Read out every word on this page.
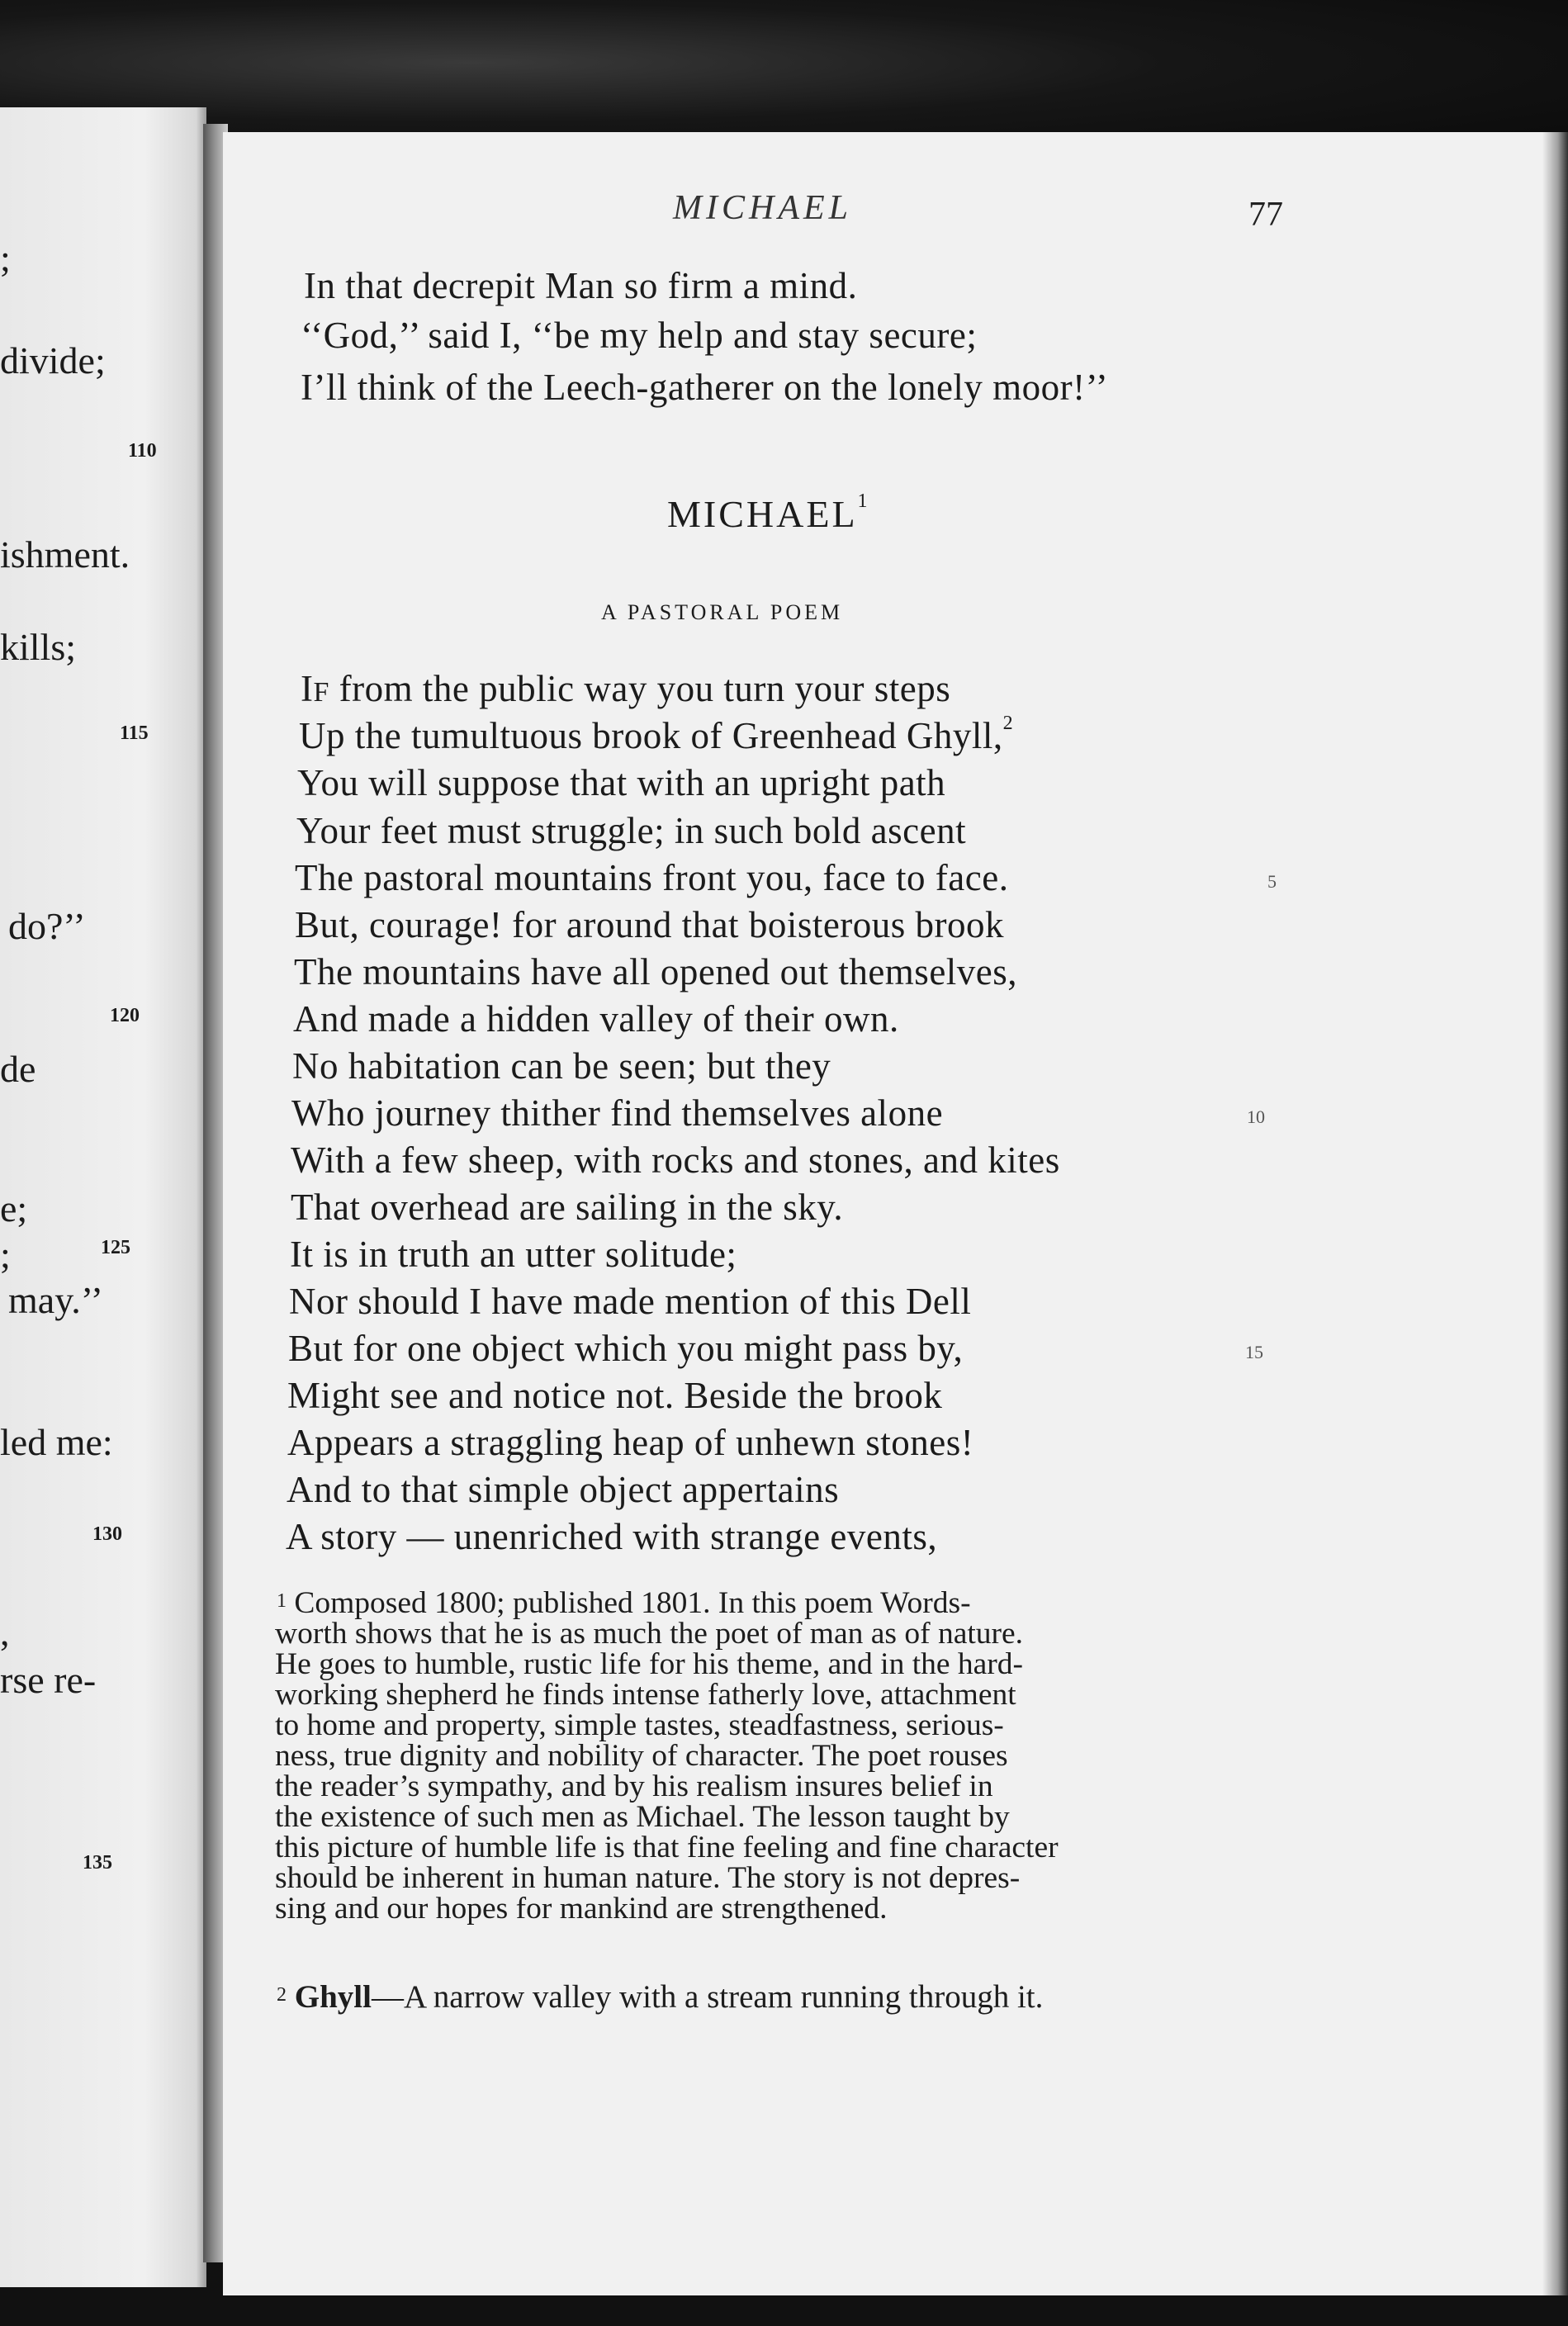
;
divide;
ishment.
kills;
do?’’
de
e;
;
may.’’
led me:
,
rse re-
110
115
120
125
130
135
MICHAEL	77
In that decrepit Man so firm a mind.
‘‘God,’’ said I, ‘‘be my help and stay secure;
I’ll think of the Leech-gatherer on the lonely moor!’’
MICHAEL$^1$
A PASTORAL POEM
IF from the public way you turn your steps
Up the tumultuous brook of Greenhead Ghyll,$^2$
You will suppose that with an upright path
Your feet must struggle; in such bold ascent
The pastoral mountains front you, face to face.
But, courage! for around that boisterous brook
The mountains have all opened out themselves,
And made a hidden valley of their own.
No habitation can be seen; but they
Who journey thither find themselves alone
With a few sheep, with rocks and stones, and kites
That overhead are sailing in the sky.
It is in truth an utter solitude;
Nor should I have made mention of this Dell
But for one object which you might pass by,
Might see and notice not. Beside the brook
Appears a straggling heap of unhewn stones!
And to that simple object appertains
A story — unenriched with strange events,
5
10
15
$^1$ Composed 1800; published 1801. In this poem Words-
worth shows that he is as much the poet of man as of nature.
He goes to humble, rustic life for his theme, and in the hard-
working shepherd he finds intense fatherly love, attachment
to home and property, simple tastes, steadfastness, serious-
ness, true dignity and nobility of character. The poet rouses
the reader’s sympathy, and by his realism insures belief in
the existence of such men as Michael. The lesson taught by
this picture of humble life is that fine feeling and fine character
should be inherent in human nature. The story is not depres-
sing and our hopes for mankind are strengthened.
$^2$ Ghyll—A narrow valley with a stream running through it.
